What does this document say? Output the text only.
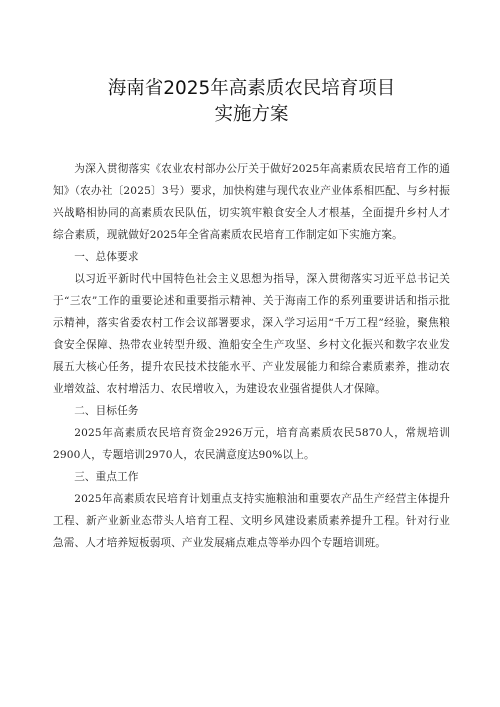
海南省2025年高素质农民培育项目
实施方案

为深入贯彻落实《农业农村部办公厅关于做好2025年高素质农民培育工作的通知》（农办社〔2025〕3号）要求，加快构建与现代农业产业体系相匹配、与乡村振兴战略相协同的高素质农民队伍，切实筑牢粮食安全人才根基，全面提升乡村人才综合素质，现就做好2025年全省高素质农民培育工作制定如下实施方案。

一、总体要求

以习近平新时代中国特色社会主义思想为指导，深入贯彻落实习近平总书记关于“三农”工作的重要论述和重要指示精神、关于海南工作的系列重要讲话和指示批示精神，落实省委农村工作会议部署要求，深入学习运用“千万工程”经验，聚焦粮食安全保障、热带农业转型升级、渔船安全生产攻坚、乡村文化振兴和数字农业发展五大核心任务，提升农民技术技能水平、产业发展能力和综合素质素养，推动农业增效益、农村增活力、农民增收入，为建设农业强省提供人才保障。

二、目标任务

2025年高素质农民培育资金2926万元，培育高素质农民5870人，常规培训2900人，专题培训2970人，农民满意度达90%以上。

三、重点工作

2025年高素质农民培育计划重点支持实施粮油和重要农产品生产经营主体提升工程、新产业新业态带头人培育工程、文明乡风建设素质素养提升工程。针对行业急需、人才培养短板弱项、产业发展痛点难点等举办四个专题培训班。
